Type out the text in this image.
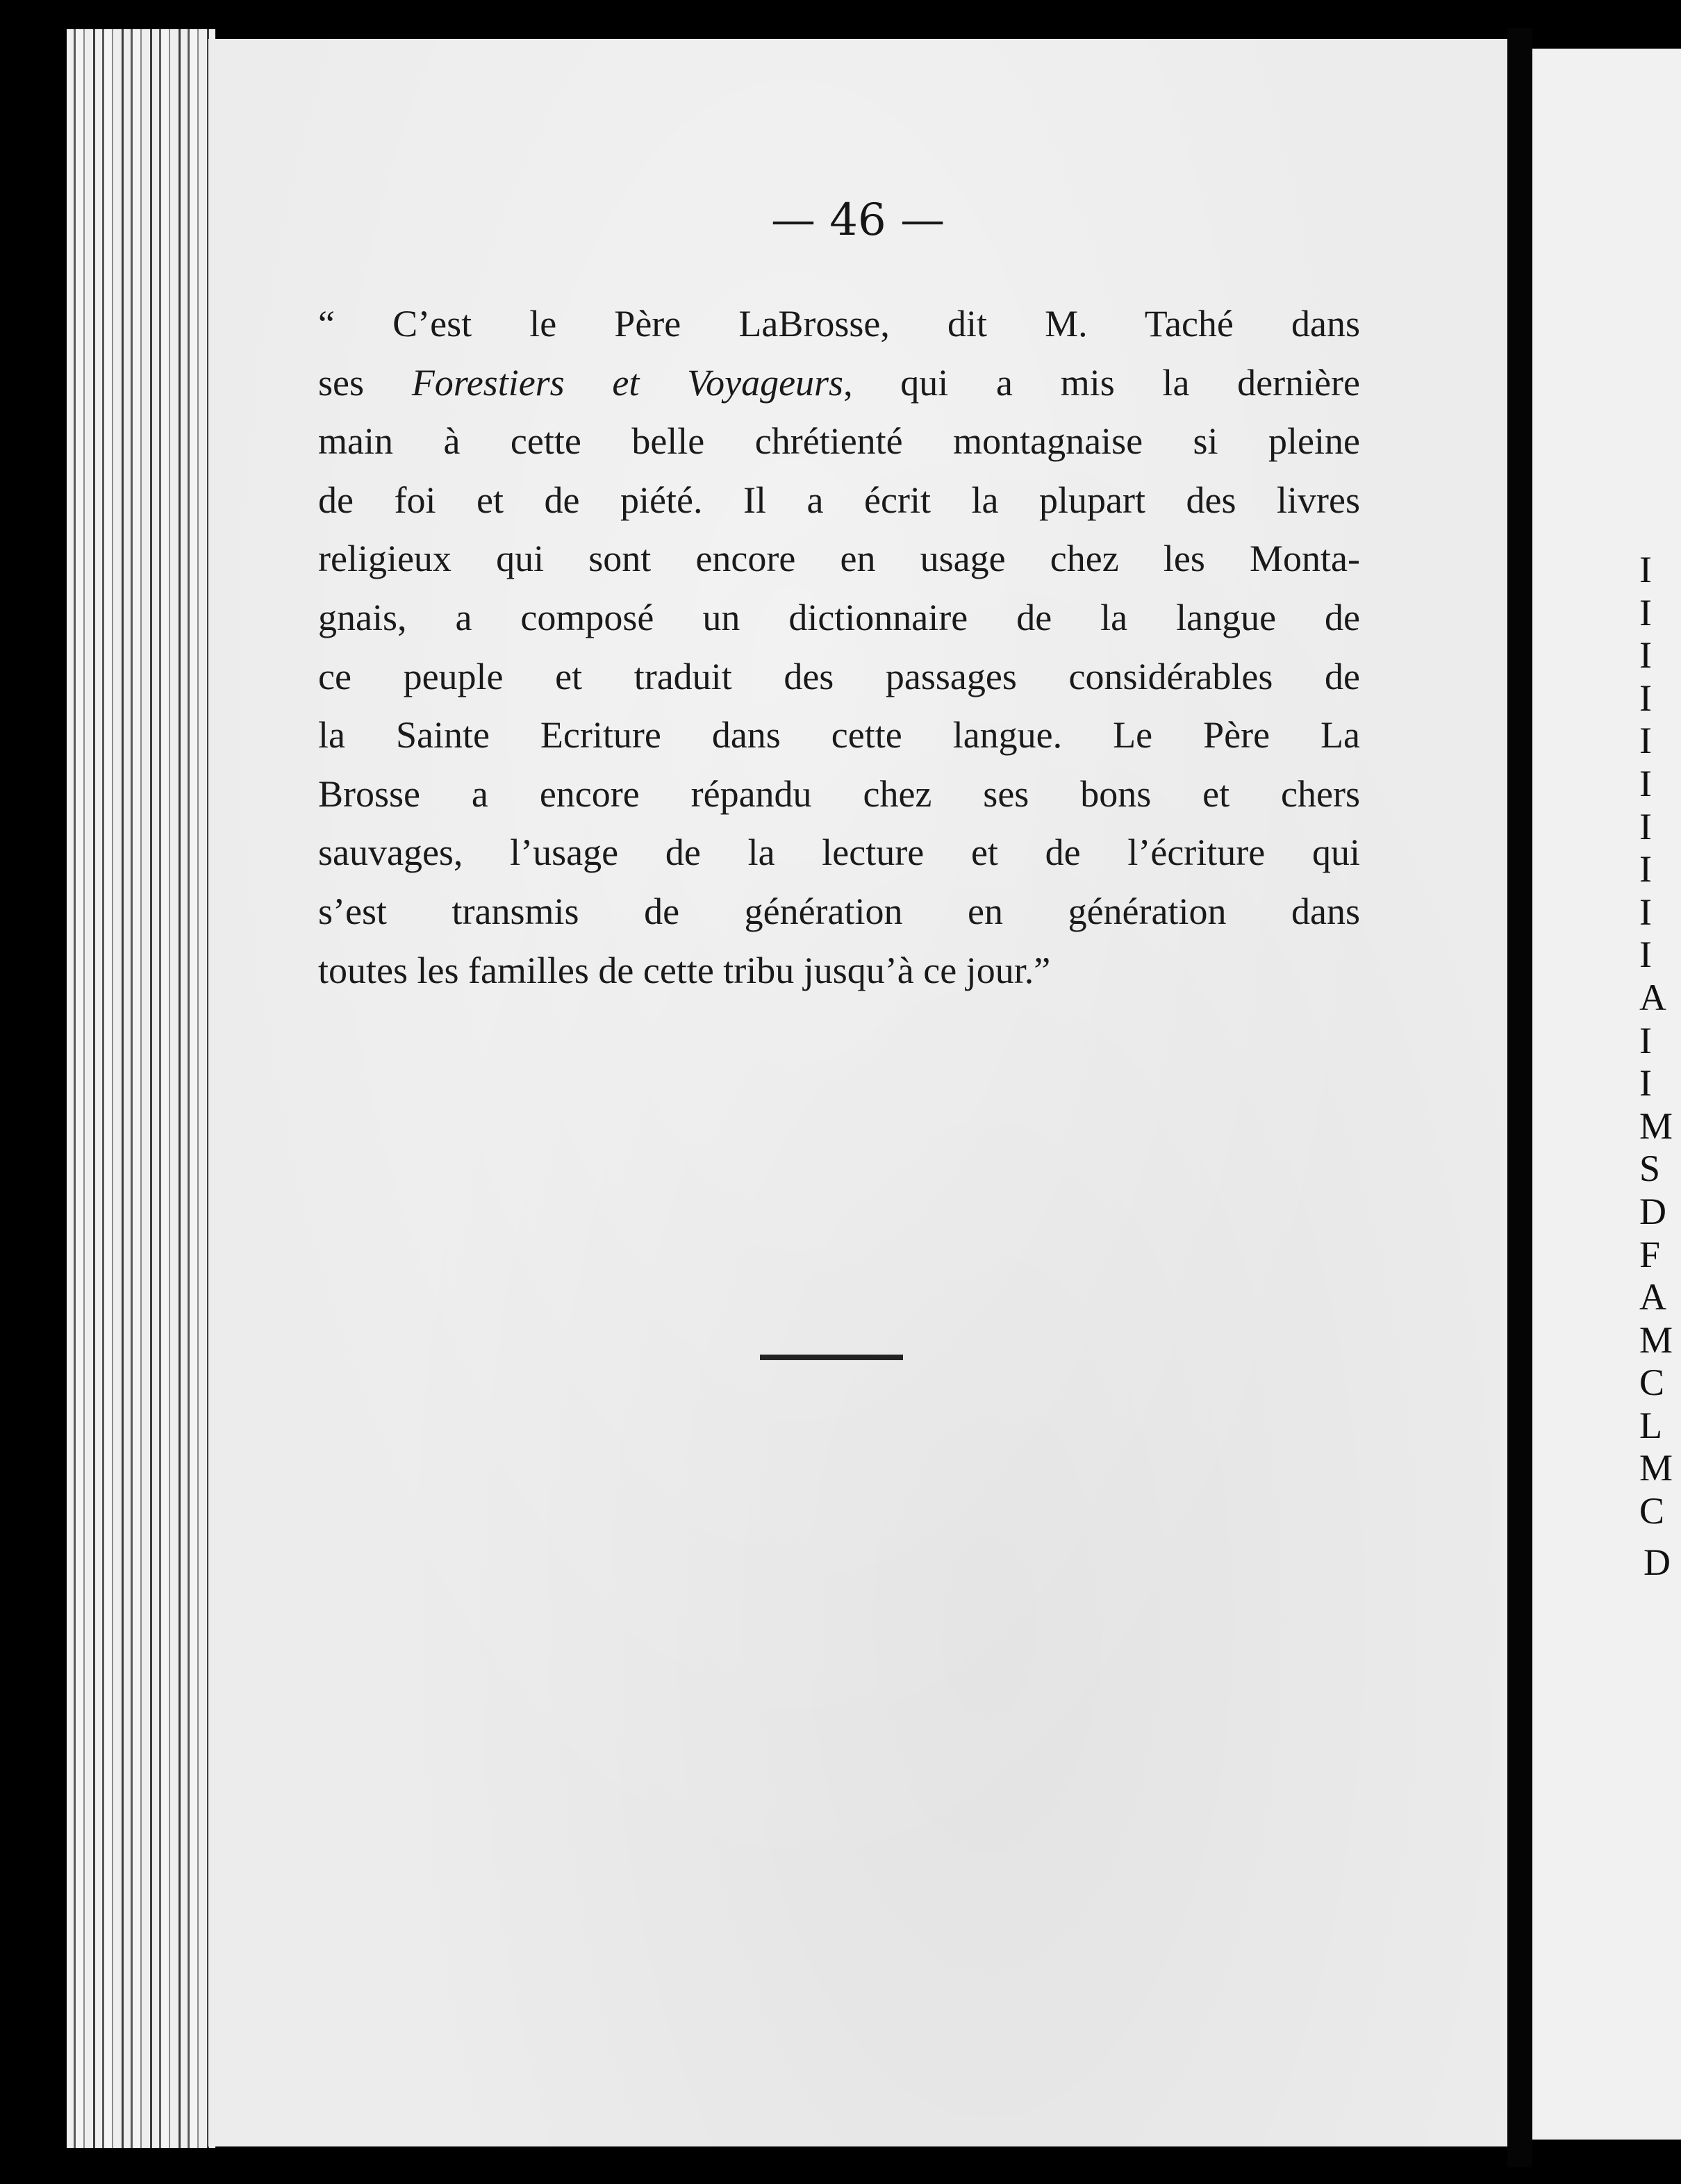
— 46 —

“ C’est le Père LaBrosse, dit M. Taché dans ses Forestiers et Voyageurs, qui a mis la dernière main à cette belle chrétienté montagnaise si pleine de foi et de piété. Il a écrit la plupart des livres religieux qui sont encore en usage chez les Monta- gnais, a composé un dictionnaire de la langue de ce peuple et traduit des passages considérables de la Sainte Ecriture dans cette langue. Le Père La Brosse a encore répandu chez ses bons et chers sauvages, l’usage de la lecture et de l’écriture qui s’est transmis de génération en génération dans toutes les familles de cette tribu jusqu’à ce jour.”
I
I
I
I
I
I
I
I
I
I
A
I
I
M
S
D
F
A
M
C
L
M
C
D
